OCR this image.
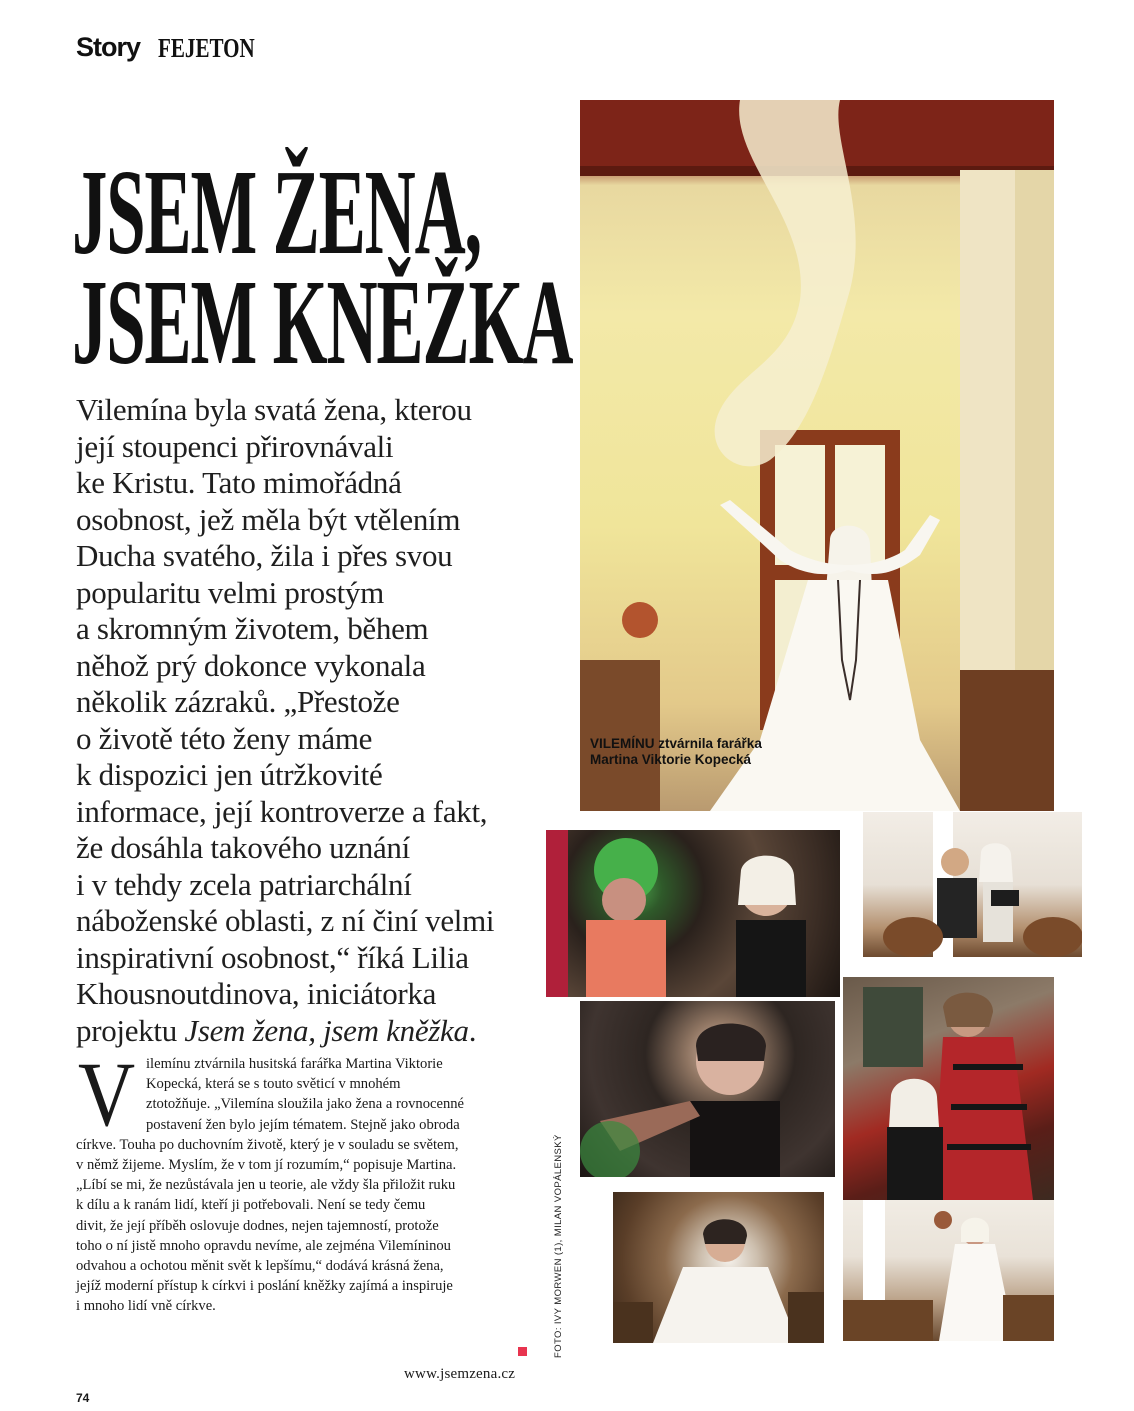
Story FEJETON
JSEM ŽENA,
JSEM KNĚŽKA
Vilemína byla svatá žena, kterou
její stoupenci přirovnávali
ke Kristu. Tato mimořádná
osobnost, jež měla být vtělením
Ducha svatého, žila i přes svou
popularitu velmi prostým
a skromným životem, během
něhož prý dokonce vykonala
několik zázraků. „Přestože
o životě této ženy máme
k dispozici jen útržkovité
informace, její kontroverze a fakt,
že dosáhla takového uznání
i v tehdy zcela patriarchální
náboženské oblasti, z ní činí velmi
inspirativní osobnost,“ říká Lilia
Khousnoutdinova, iniciátorka
projektu Jsem žena, jsem kněžka.
V ilemínu ztvárnila husitská farářka Martina Viktorie
Kopecká, která se s touto světicí v mnohém
ztotožňuje. „Vilemína sloužila jako žena a rovnocenné
postavení žen bylo jejím tématem. Stejně jako obroda
církve. Touha po duchovním životě, který je v souladu se světem,
v němž žijeme. Myslím, že v tom jí rozumím,“ popisuje Martina.
„Líbí se mi, že nezůstávala jen u teorie, ale vždy šla přiložit ruku
k dílu a k ranám lidí, kteří ji potřebovali. Není se tedy čemu
divit, že její příběh oslovuje dodnes, nejen tajemností, protože
toho o ní jistě mnoho opravdu nevíme, ale zejména Vilemíninou
odvahou a ochotou měnit svět k lepšímu,“ dodává krásná žena,
jejíž moderní přístup k církvi i poslání kněžky zajímá a inspiruje
i mnoho lidí vně církve.
www.jsemzena.cz
FOTO: IVY MORWEN (1), MILAN VOPÁLENSKÝ
74
VILEMÍNU ztvárnila farářka Martina Viktorie Kopecká
